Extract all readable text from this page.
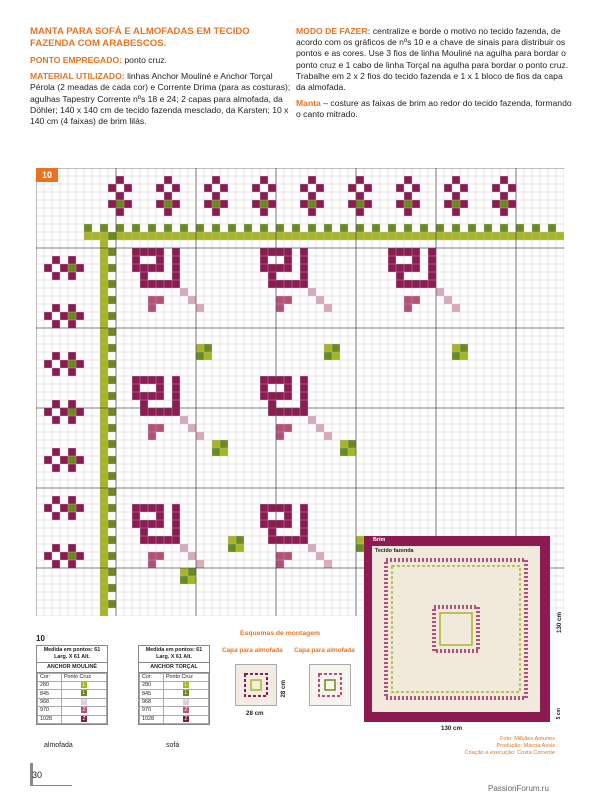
MANTA PARA SOFÁ E ALMOFADAS EM TECIDO FAZENDA COM ARABESCOS.

PONTO EMPREGADO: ponto cruz.

MATERIAL UTILIZADO: linhas Anchor Mouliné e Anchor Torçal Pérola (2 meadas de cada cor) e Corrente Drima (para as costuras); agulhas Tapestry Corrente nºs 18 e 24; 2 capas para almofada, da Döhler; 140 x 140 cm de tecido fazenda mesclado, da Karsten; 10 x 140 cm (4 faixas) de brim lilás.

MODO DE FAZER: centralize e borde o motivo no tecido fazenda, de acordo com os gráficos de nºs 10 e a chave de sinais para distribuir os pontos e as cores. Use 3 fios de linha Mouliné na agulha para bordar o ponto cruz e 1 cabo de linha Torçal na agulha para bordar o ponto cruz. Trabalhe em 2 x 2 fios do tecido fazenda e 1 x 1 bloco de fios da capa da almofada.

Manta – costure as faixas de brim ao redor do tecido fazenda, formando o canto mitrado.

10
10
Medida em pontos: 61 Larg. X 61 Alt.
ANCHOR MOULINÉ
Cor:	Ponto Cruz
280	L
845	L
968	*
970	Z
1028	Z
almofada
Medida em pontos: 61 Larg. X 61 Alt.
ANCHOR TORÇAL
Cor:	Ponto Cruz
280	L
845	L
968	*
970	Z
1028	Z
sofá
Esquemas de montagem
Capa para almofada Capa para almofada
28 cm
28 cm
Brim
Tecido fazenda
130 cm
130 cm
5 cm
Foto: Milkães Antunes
Produção: Márcia Assis
Criação e execução: Costa Corrente
30
PassionForum.ru
